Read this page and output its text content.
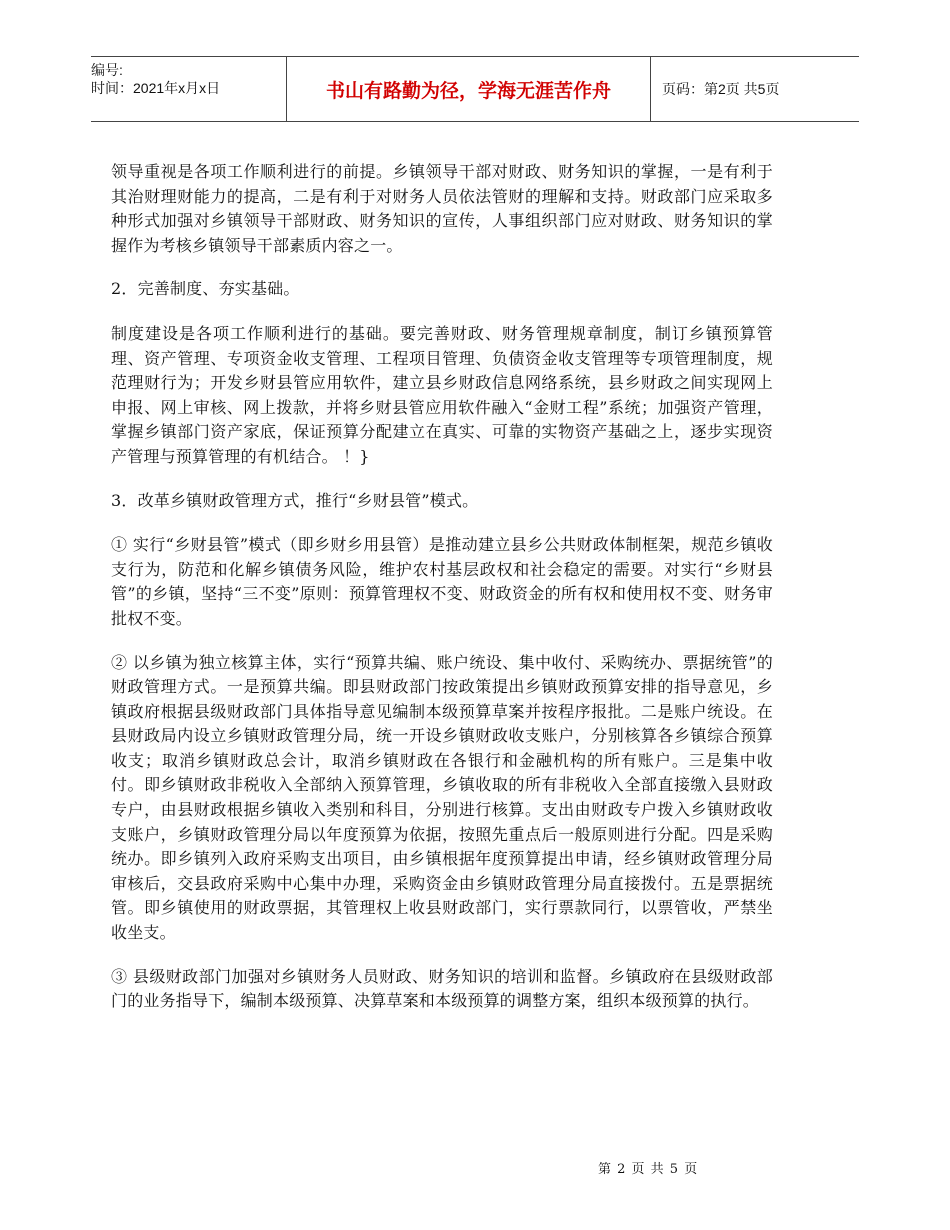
编号:
时间：2021年x月x日	书山有路勤为径，学海无涯苦作舟	页码：第2页 共5页

领导重视是各项工作顺利进行的前提。乡镇领导干部对财政、财务知识的掌握，一是有利于其治财理财能力的提高，二是有利于对财务人员依法管财的理解和支持。财政部门应采取多种形式加强对乡镇领导干部财政、财务知识的宣传，人事组织部门应对财政、财务知识的掌握作为考核乡镇领导干部素质内容之一。

2．完善制度、夯实基础。

制度建设是各项工作顺利进行的基础。要完善财政、财务管理规章制度，制订乡镇预算管理、资产管理、专项资金收支管理、工程项目管理、负债资金收支管理等专项管理制度，规范理财行为；开发乡财县管应用软件，建立县乡财政信息网络系统，县乡财政之间实现网上申报、网上审核、网上拨款，并将乡财县管应用软件融入“金财工程”系统；加强资产管理，掌握乡镇部门资产家底，保证预算分配建立在真实、可靠的实物资产基础之上，逐步实现资产管理与预算管理的有机结合。 ！}

3．改革乡镇财政管理方式，推行“乡财县管”模式。

① 实行“乡财县管”模式（即乡财乡用县管）是推动建立县乡公共财政体制框架，规范乡镇收支行为，防范和化解乡镇债务风险，维护农村基层政权和社会稳定的需要。对实行“乡财县管”的乡镇，坚持“三不变”原则：预算管理权不变、财政资金的所有权和使用权不变、财务审批权不变。

② 以乡镇为独立核算主体，实行“预算共编、账户统设、集中收付、采购统办、票据统管”的财政管理方式。一是预算共编。即县财政部门按政策提出乡镇财政预算安排的指导意见，乡镇政府根据县级财政部门具体指导意见编制本级预算草案并按程序报批。二是账户统设。在县财政局内设立乡镇财政管理分局，统一开设乡镇财政收支账户，分别核算各乡镇综合预算收支；取消乡镇财政总会计，取消乡镇财政在各银行和金融机构的所有账户。三是集中收付。即乡镇财政非税收入全部纳入预算管理，乡镇收取的所有非税收入全部直接缴入县财政专户，由县财政根据乡镇收入类别和科目，分别进行核算。支出由财政专户拨入乡镇财政收支账户，乡镇财政管理分局以年度预算为依据，按照先重点后一般原则进行分配。四是采购统办。即乡镇列入政府采购支出项目，由乡镇根据年度预算提出申请，经乡镇财政管理分局审核后，交县政府采购中心集中办理，采购资金由乡镇财政管理分局直接拨付。五是票据统管。即乡镇使用的财政票据，其管理权上收县财政部门，实行票款同行，以票管收，严禁坐收坐支。

③ 县级财政部门加强对乡镇财务人员财政、财务知识的培训和监督。乡镇政府在县级财政部门的业务指导下，编制本级预算、决算草案和本级预算的调整方案，组织本级预算的执行。

第 2 页 共 5 页
